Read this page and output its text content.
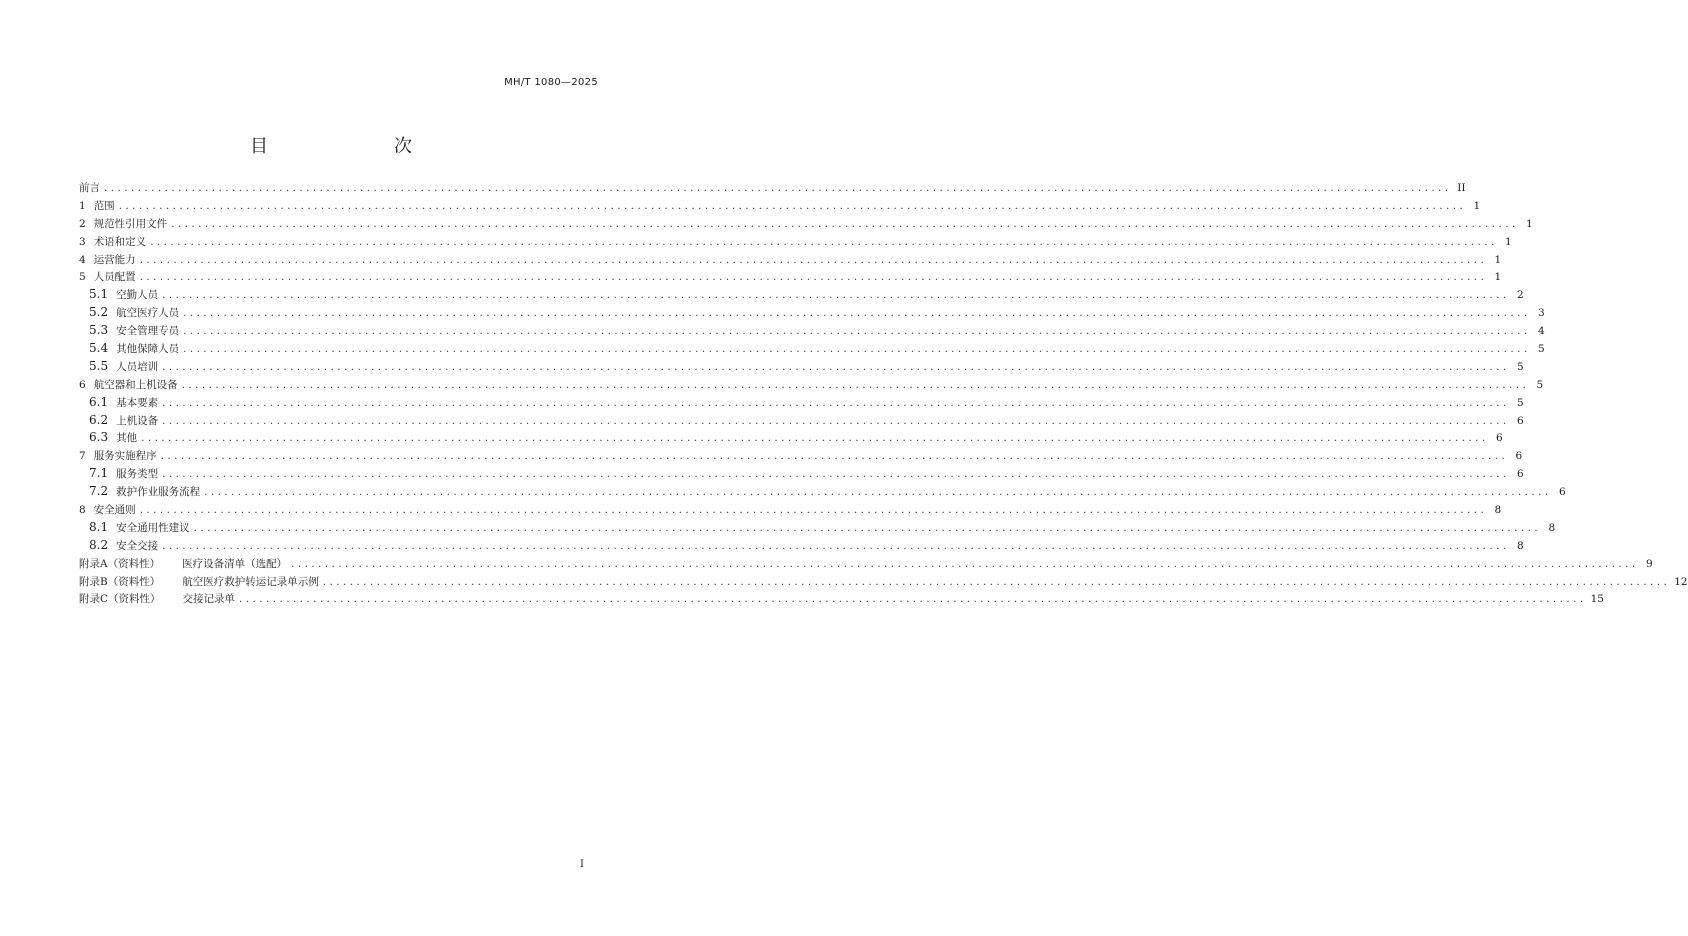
MH/T 1080—2025
目　　次
前言 ........................................................................................................................................................................................................ II
1 范围 ........................................................................................................................................................................................................ 1
2 规范性引用文件 ........................................................................................................................................................................................................ 1
3 术语和定义 ........................................................................................................................................................................................................ 1
4 运营能力 ........................................................................................................................................................................................................ 1
5 人员配置 ........................................................................................................................................................................................................ 1
5.1 空勤人员 ........................................................................................................................................................................................................ 2
5.2 航空医疗人员 ........................................................................................................................................................................................................ 3
5.3 安全管理专员 ........................................................................................................................................................................................................ 4
5.4 其他保障人员 ........................................................................................................................................................................................................ 5
5.5 人员培训 ........................................................................................................................................................................................................ 5
6 航空器和上机设备 ........................................................................................................................................................................................................ 5
6.1 基本要素 ........................................................................................................................................................................................................ 5
6.2 上机设备 ........................................................................................................................................................................................................ 6
6.3 其他 ........................................................................................................................................................................................................ 6
7 服务实施程序 ........................................................................................................................................................................................................ 6
7.1 服务类型 ........................................................................................................................................................................................................ 6
7.2 救护作业服务流程 ........................................................................................................................................................................................................ 6
8 安全通则 ........................................................................................................................................................................................................ 8
8.1 安全通用性建议 ........................................................................................................................................................................................................ 8
8.2 安全交接 ........................................................................................................................................................................................................ 8
附录A（资料性） 医疗设备清单（选配） ........................................................................................................................................................................................................ 9
附录B（资料性） 航空医疗救护转运记录单示例 ........................................................................................................................................................................................................ 12
附录C（资料性） 交接记录单 ........................................................................................................................................................................................................ 15
I
